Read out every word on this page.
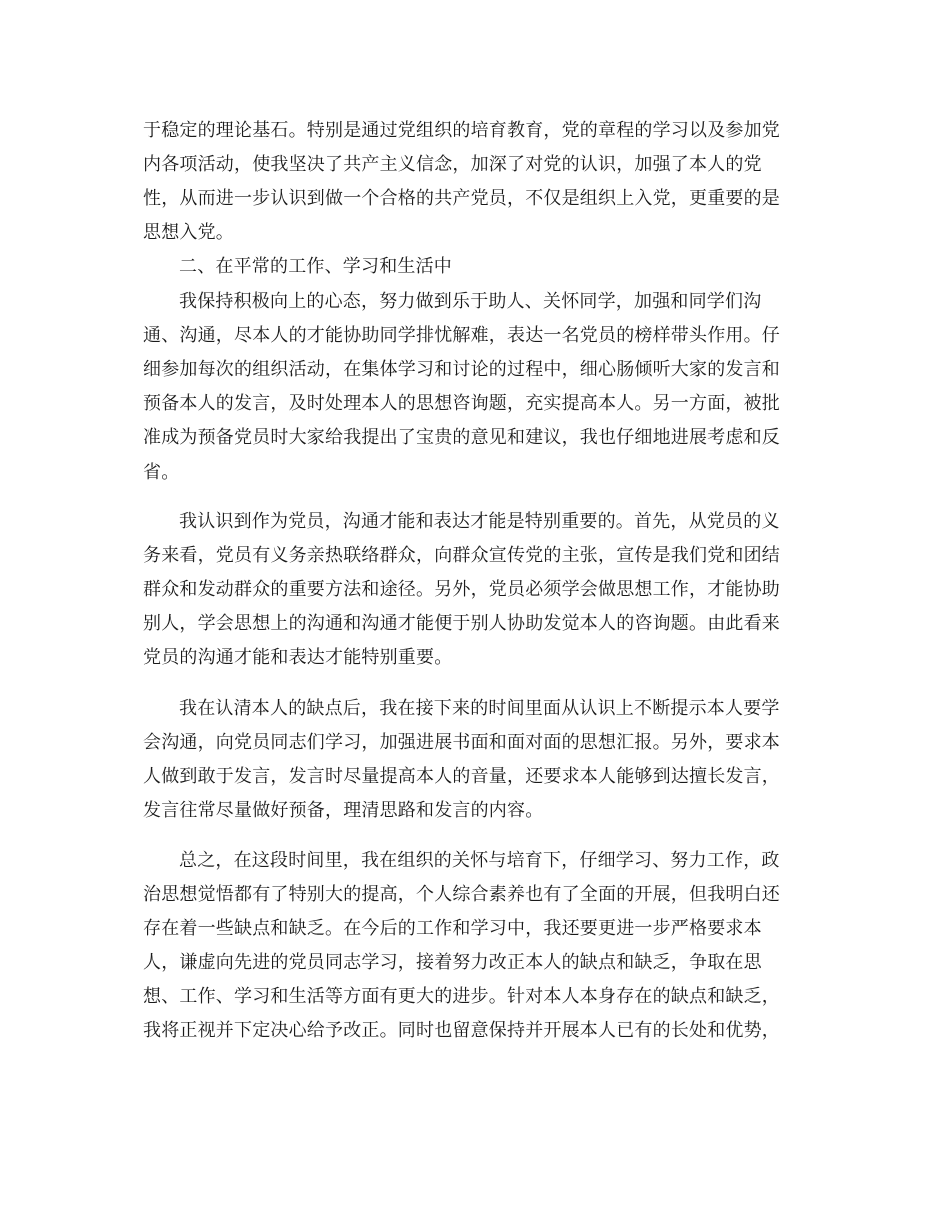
于稳定的理论基石。特别是通过党组织的培育教育，党的章程的学习以及参加党
内各项活动，使我坚决了共产主义信念，加深了对党的认识，加强了本人的党
性，从而进一步认识到做一个合格的共产党员，不仅是组织上入党，更重要的是
思想入党。
二、在平常的工作、学习和生活中
我保持积极向上的心态，努力做到乐于助人、关怀同学，加强和同学们沟
通、沟通，尽本人的才能协助同学排忧解难，表达一名党员的榜样带头作用。仔
细参加每次的组织活动，在集体学习和讨论的过程中，细心肠倾听大家的发言和
预备本人的发言，及时处理本人的思想咨询题，充实提高本人。另一方面，被批
准成为预备党员时大家给我提出了宝贵的意见和建议，我也仔细地进展考虑和反
省。
我认识到作为党员，沟通才能和表达才能是特别重要的。首先，从党员的义
务来看，党员有义务亲热联络群众，向群众宣传党的主张，宣传是我们党和团结
群众和发动群众的重要方法和途径。另外，党员必须学会做思想工作，才能协助
别人，学会思想上的沟通和沟通才能便于别人协助发觉本人的咨询题。由此看来
党员的沟通才能和表达才能特别重要。
我在认清本人的缺点后，我在接下来的时间里面从认识上不断提示本人要学
会沟通，向党员同志们学习，加强进展书面和面对面的思想汇报。另外，要求本
人做到敢于发言，发言时尽量提高本人的音量，还要求本人能够到达擅长发言，
发言往常尽量做好预备，理清思路和发言的内容。
总之，在这段时间里，我在组织的关怀与培育下，仔细学习、努力工作，政
治思想觉悟都有了特别大的提高，个人综合素养也有了全面的开展，但我明白还
存在着一些缺点和缺乏。在今后的工作和学习中，我还要更进一步严格要求本
人，谦虚向先进的党员同志学习，接着努力改正本人的缺点和缺乏，争取在思
想、工作、学习和生活等方面有更大的进步。针对本人本身存在的缺点和缺乏，
我将正视并下定决心给予改正。同时也留意保持并开展本人已有的长处和优势，
